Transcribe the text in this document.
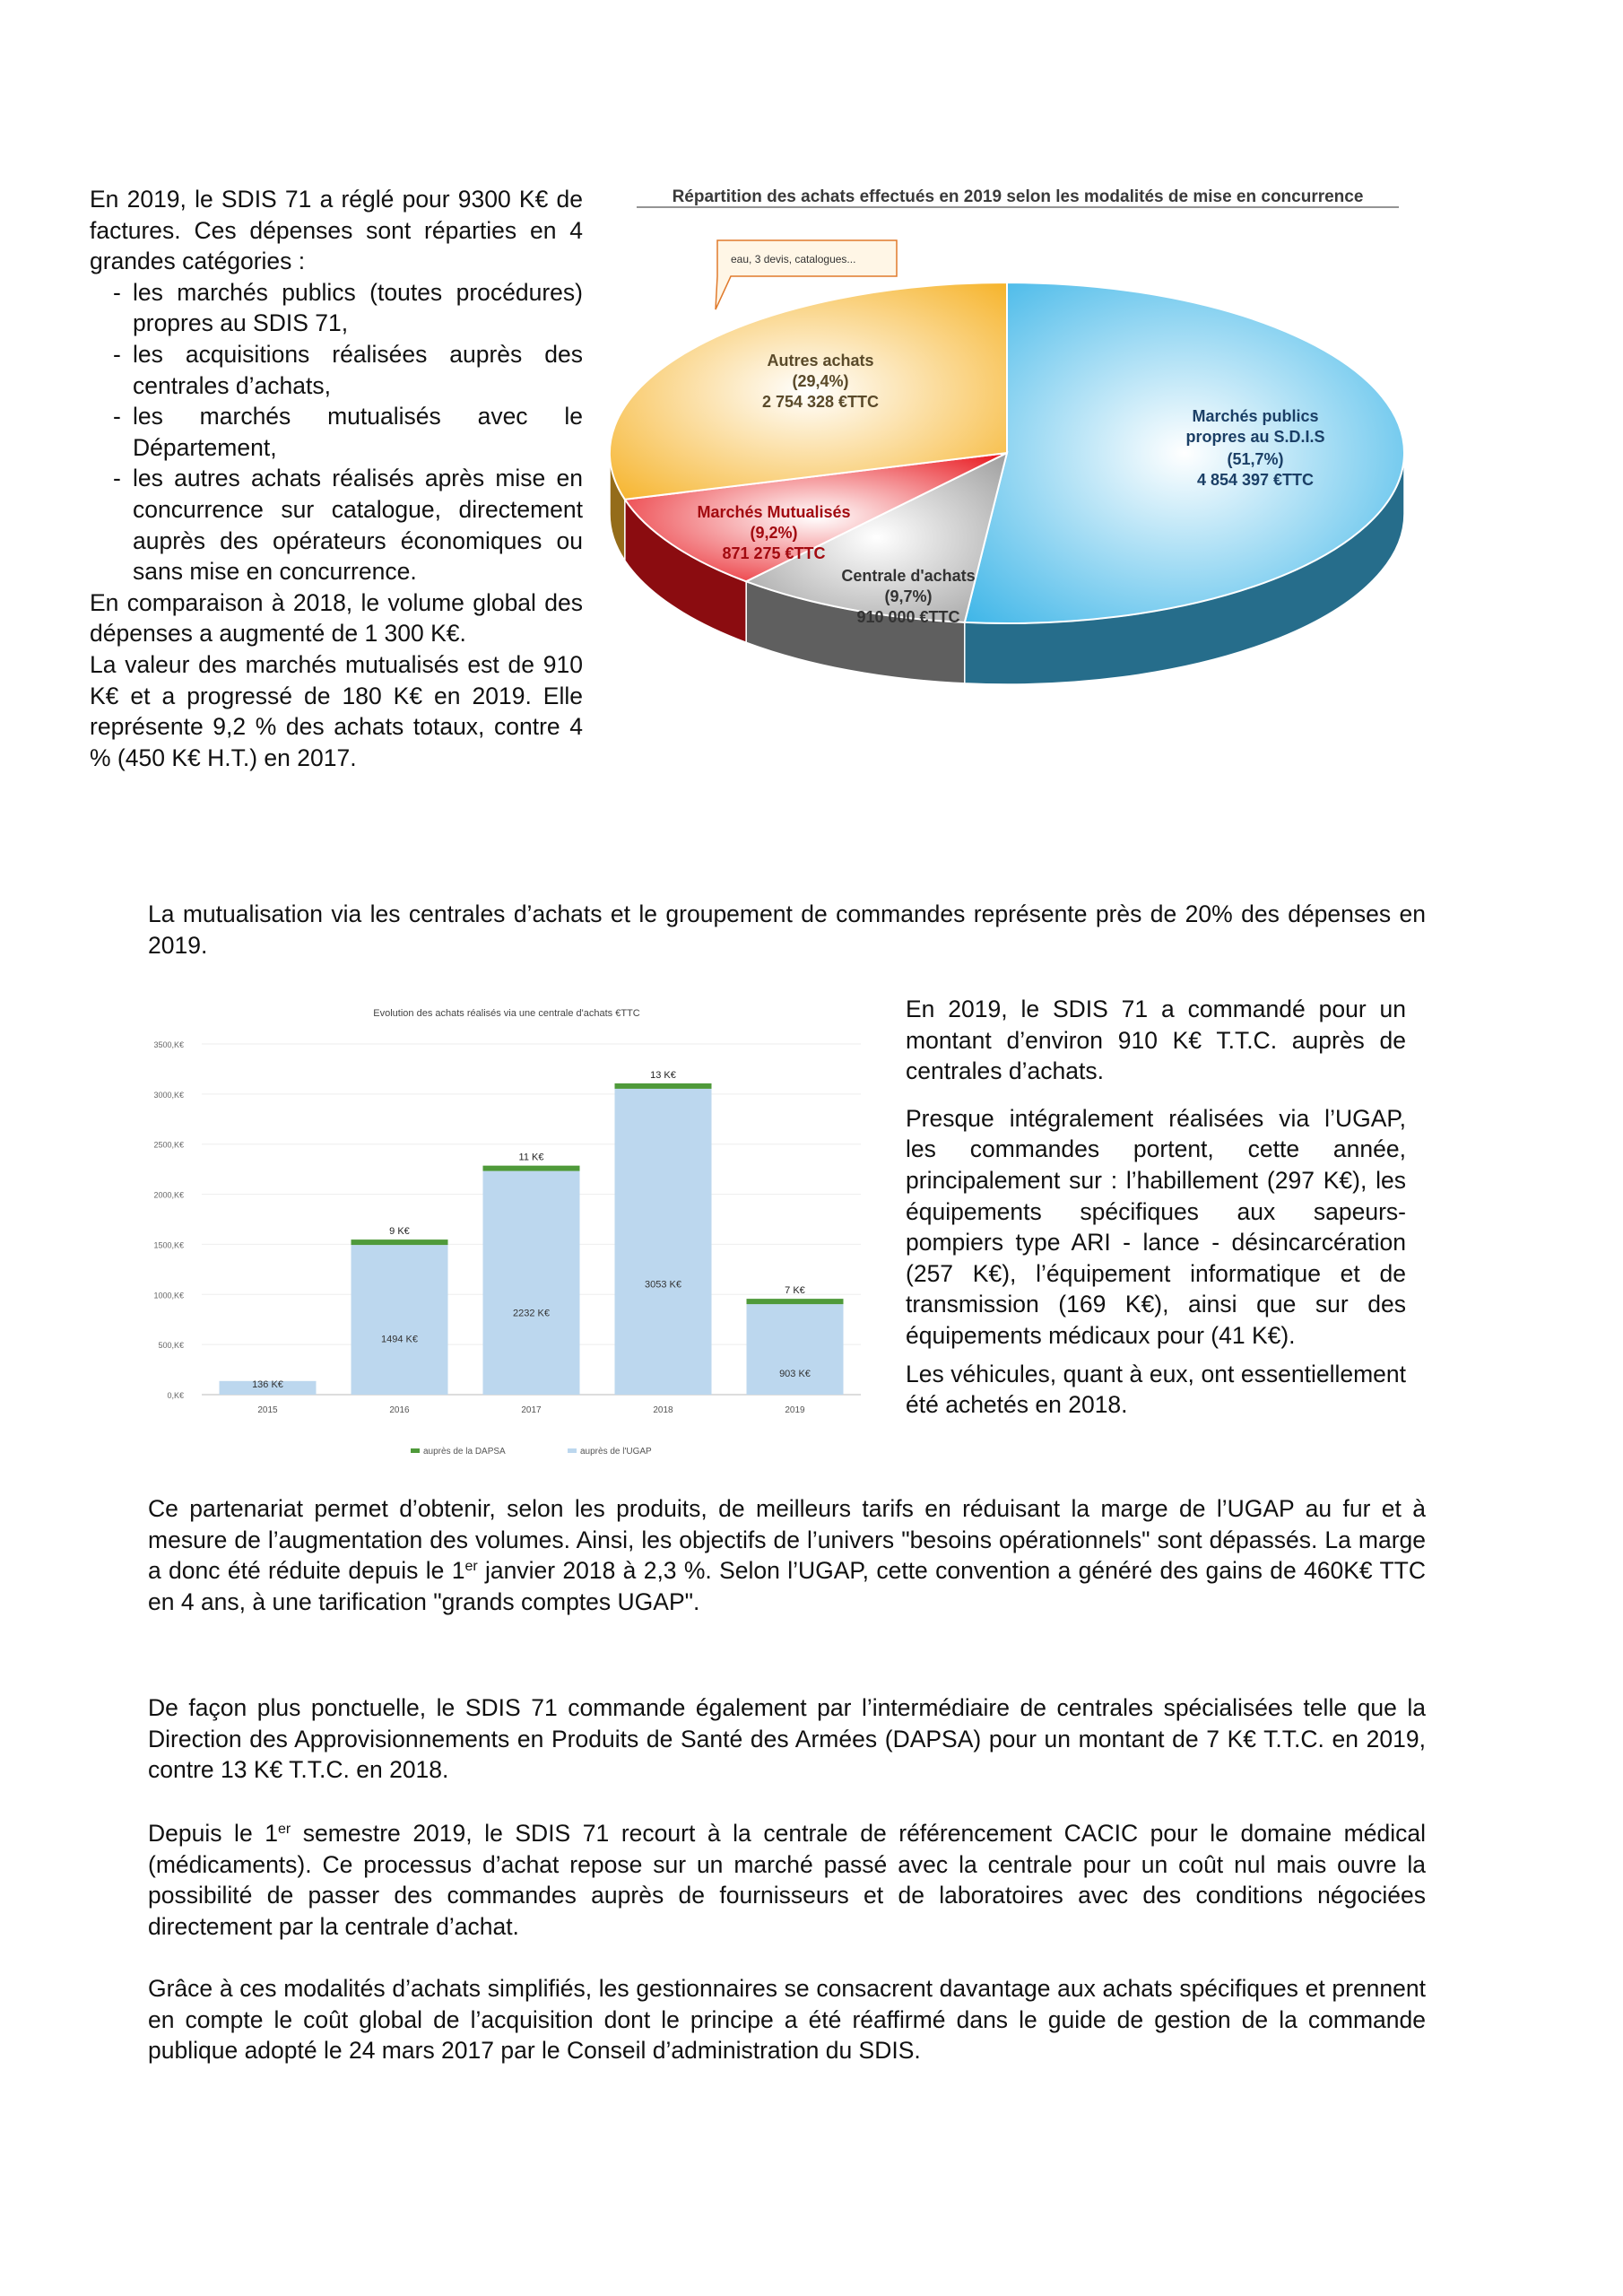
En 2019, le SDIS 71 a réglé pour 9300 K€ de factures. Ces dépenses sont réparties en 4 grandes catégories :

- les marchés publics (toutes procédures) propres au SDIS 71,
- les acquisitions réalisées auprès des centrales d’achats,
- les marchés mutualisés avec le Département,
- les autres achats réalisés après mise en concurrence sur catalogue, directement auprès des opérateurs économiques ou sans mise en concurrence.

En comparaison à 2018, le volume global des dépenses a augmenté de 1 300 K€.

La valeur des marchés mutualisés est de 910 K€ et a progressé de 180 K€ en 2019. Elle représente 9,2 % des achats totaux, contre 4 % (450 K€ H.T.) en 2017.

Répartition des achats effectués en 2019 selon les modalités de mise en concurrence
eau, 3 devis, catalogues...
Marchés publics
propres au S.D.I.S
(51,7%)
4 854 397 €TTC
Autres achats
(29,4%)
2 754 328 €TTC
Marchés Mutualisés
(9,2%)
871 275 €TTC
Centrale d'achats
(9,7%)
910 000 €TTC

La mutualisation via les centrales d’achats et le groupement de commandes représente près de 20% des dépenses en 2019.

Evolution des achats réalisés via une centrale d'achats €TTC
0,K€
500,K€
1000,K€
1500,K€
2000,K€
2500,K€
3000,K€
3500,K€
136 K€
2015
9 K€
1494 K€
2016
11 K€
2232 K€
2017
13 K€
3053 K€
2018
7 K€
903 K€
2019
auprès de la DAPSA	auprès de l'UGAP

En 2019, le SDIS 71 a commandé pour un montant d’environ 910 K€ T.T.C. auprès de centrales d’achats.

Presque intégralement réalisées via l’UGAP, les commandes portent, cette année, principalement sur : l’habillement (297 K€), les équipements spécifiques aux sapeurs-pompiers type ARI - lance - désincarcération (257 K€), l’équipement informatique et de transmission (169 K€), ainsi que sur des équipements médicaux pour (41 K€).

Les véhicules, quant à eux, ont essentiellement été achetés en 2018.

Ce partenariat permet d’obtenir, selon les produits, de meilleurs tarifs en réduisant la marge de l’UGAP au fur et à mesure de l’augmentation des volumes. Ainsi, les objectifs de l’univers "besoins opérationnels" sont dépassés. La marge a donc été réduite depuis le 1er janvier 2018 à 2,3 %. Selon l’UGAP, cette convention a généré des gains de 460K€ TTC en 4 ans, à une tarification "grands comptes UGAP".

De façon plus ponctuelle, le SDIS 71 commande également par l’intermédiaire de centrales spécialisées telle que la Direction des Approvisionnements en Produits de Santé des Armées (DAPSA) pour un montant de 7 K€ T.T.C. en 2019, contre 13 K€ T.T.C. en 2018.

Depuis le 1er semestre 2019, le SDIS 71 recourt à la centrale de référencement CACIC pour le domaine médical (médicaments). Ce processus d’achat repose sur un marché passé avec la centrale pour un coût nul mais ouvre la possibilité de passer des commandes auprès de fournisseurs et de laboratoires avec des conditions négociées directement par la centrale d’achat.

Grâce à ces modalités d’achats simplifiés, les gestionnaires se consacrent davantage aux achats spécifiques et prennent en compte le coût global de l’acquisition dont le principe a été réaffirmé dans le guide de gestion de la commande publique adopté le 24 mars 2017 par le Conseil d’administration du SDIS.
